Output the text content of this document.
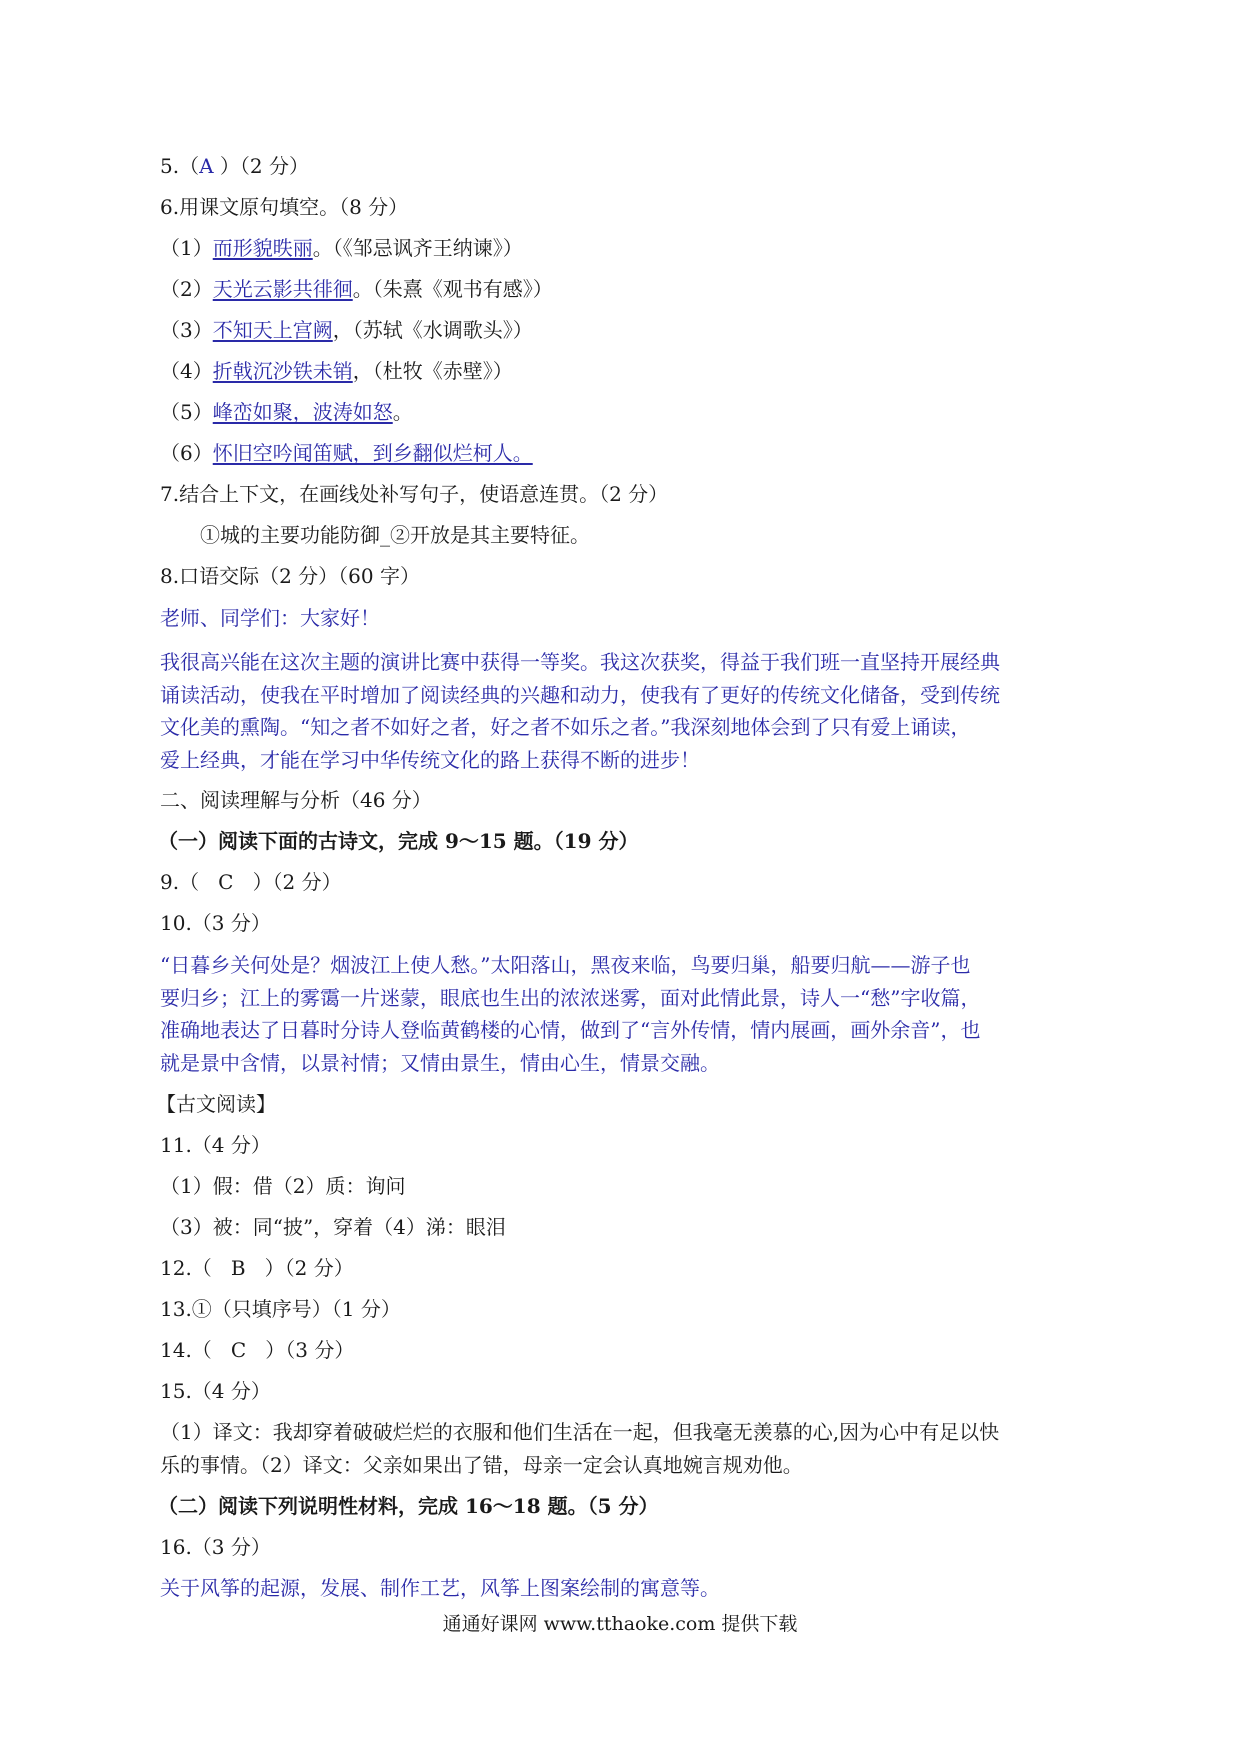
5.（A ）（2 分）
6.用课文原句填空。（8 分）
（1）而形貌昳丽。（《邹忌讽齐王纳谏》）
（2）天光云影共徘徊。（朱熹《观书有感》）
（3）不知天上宫阙，（苏轼《水调歌头》）
（4）折戟沉沙铁未销，（杜牧《赤壁》）
（5）峰峦如聚，波涛如怒。
（6）怀旧空吟闻笛赋，到乡翻似烂柯人。
7.结合上下文，在画线处补写句子，使语意连贯。（2 分）
①城的主要功能防御_②开放是其主要特征。
8.口语交际（2 分）（60 字）
老师、同学们：大家好！
我很高兴能在这次主题的演讲比赛中获得一等奖。我这次获奖，得益于我们班一直坚持开展经典
诵读活动，使我在平时增加了阅读经典的兴趣和动力，使我有了更好的传统文化储备，受到传统
文化美的熏陶。“知之者不如好之者，好之者不如乐之者。”我深刻地体会到了只有爱上诵读，
爱上经典，才能在学习中华传统文化的路上获得不断的进步！
二、阅读理解与分析（46 分）
（一）阅读下面的古诗文，完成 9～15 题。（19 分）
9.（ C ）（2 分）
10.（3 分）
“日暮乡关何处是？烟波江上使人愁。”太阳落山，黑夜来临，鸟要归巢，船要归航——游子也
要归乡；江上的雾霭一片迷蒙，眼底也生出的浓浓迷雾，面对此情此景，诗人一“愁”字收篇，
准确地表达了日暮时分诗人登临黄鹤楼的心情，做到了“言外传情，情内展画，画外余音”，也
就是景中含情，以景衬情；又情由景生，情由心生，情景交融。
【古文阅读】
11.（4 分）
（1）假：借（2）质：询问
（3）被：同“披”，穿着（4）涕：眼泪
12.（ B ）（2 分）
13.①（只填序号）（1 分）
14.（ C ）（3 分）
15.（4 分）
（1）译文：我却穿着破破烂烂的衣服和他们生活在一起，但我毫无羡慕的心,因为心中有足以快
乐的事情。（2）译文：父亲如果出了错，母亲一定会认真地婉言规劝他。
（二）阅读下列说明性材料，完成 16～18 题。（5 分）
16.（3 分）
关于风筝的起源，发展、制作工艺，风筝上图案绘制的寓意等。
通通好课网 www.tthaoke.com 提供下载
